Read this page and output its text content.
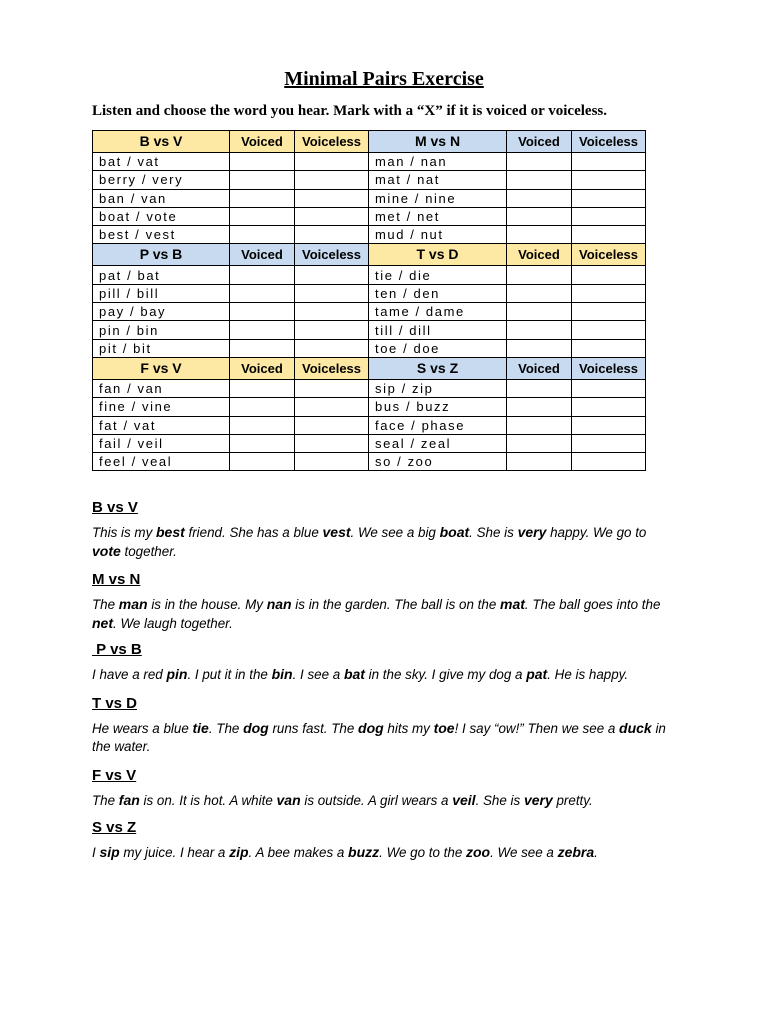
Minimal Pairs Exercise
Listen and choose the word you hear. Mark with a “X” if it is voiced or voiceless.
B vs V	Voiced	Voiceless	M vs N	Voiced	Voiceless
bat / vat			man / nan		
berry / very			mat / nat		
ban / van			mine / nine		
boat / vote			met / net		
best / vest			mud / nut		
P vs B	Voiced	Voiceless	T vs D	Voiced	Voiceless
pat / bat			tie / die		
pill / bill			ten / den		
pay / bay			tame / dame		
pin / bin			till / dill		
pit / bit			toe / doe		
F vs V	Voiced	Voiceless	S vs Z	Voiced	Voiceless
fan / van			sip / zip		
fine / vine			bus / buzz		
fat / vat			face / phase		
fail / veil			seal / zeal		
feel / veal			so / zoo		
B vs V

This is my best friend. She has a blue vest. We see a big boat. She is very happy. We go to vote together.

M vs N

The man is in the house. My nan is in the garden. The ball is on the mat. The ball goes into the net. We laugh together.

P vs B

I have a red pin. I put it in the bin. I see a bat in the sky. I give my dog a pat. He is happy.

T vs D

He wears a blue tie. The dog runs fast. The dog hits my toe! I say “ow!” Then we see a duck in the water.

F vs V

The fan is on. It is hot. A white van is outside. A girl wears a veil. She is very pretty.

S vs Z

I sip my juice. I hear a zip. A bee makes a buzz. We go to the zoo. We see a zebra.
